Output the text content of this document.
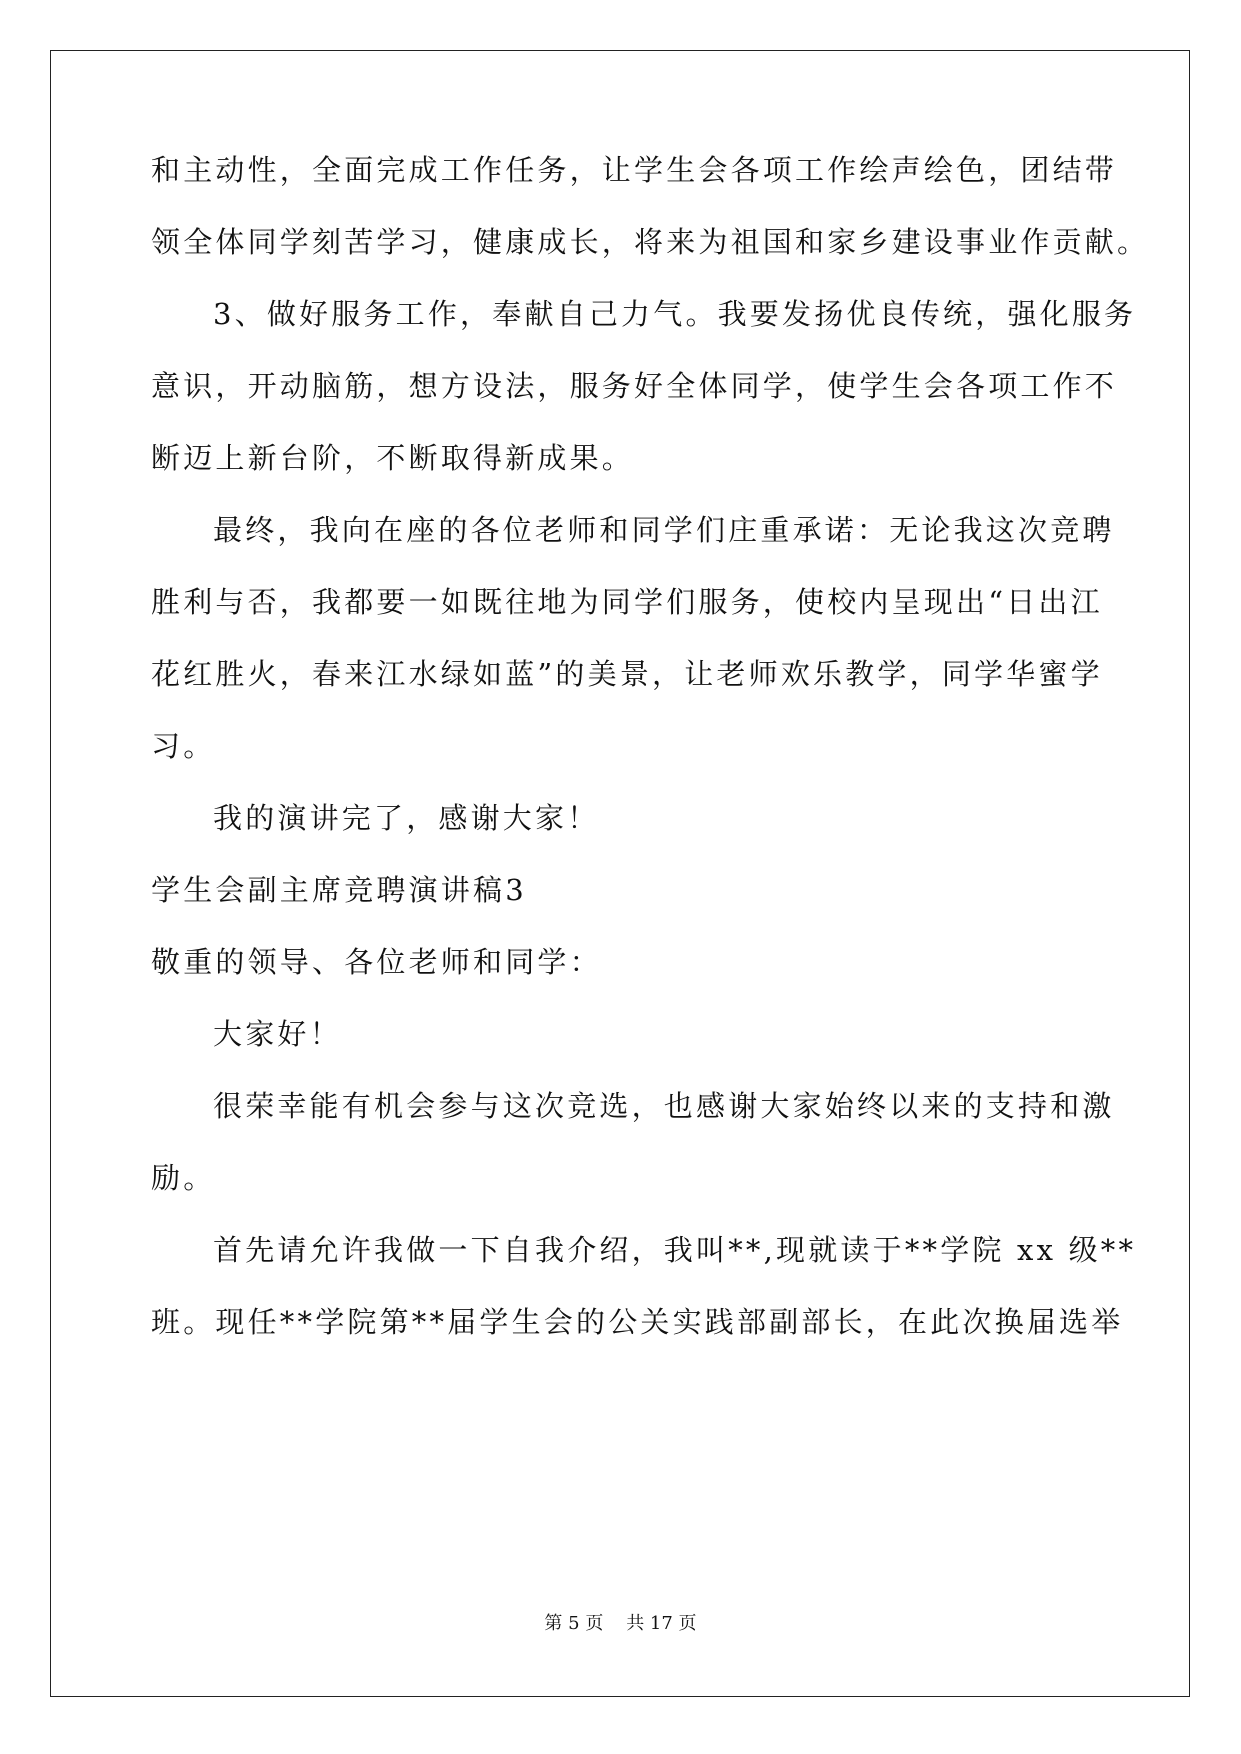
和主动性，全面完成工作任务，让学生会各项工作绘声绘色，团结带
领全体同学刻苦学习，健康成长，将来为祖国和家乡建设事业作贡献。
3、做好服务工作，奉献自己力气。我要发扬优良传统，强化服务
意识，开动脑筋，想方设法，服务好全体同学，使学生会各项工作不
断迈上新台阶，不断取得新成果。
最终，我向在座的各位老师和同学们庄重承诺：无论我这次竞聘
胜利与否，我都要一如既往地为同学们服务，使校内呈现出“日出江
花红胜火，春来江水绿如蓝”的美景，让老师欢乐教学，同学华蜜学
习。
我的演讲完了，感谢大家！
学生会副主席竞聘演讲稿3
敬重的领导、各位老师和同学：
大家好！
很荣幸能有机会参与这次竞选，也感谢大家始终以来的支持和激
励。
首先请允许我做一下自我介绍，我叫**,现就读于**学院 xx 级**
班。现任**学院第**届学生会的公关实践部副部长，在此次换届选举
第 5 页    共 17 页
